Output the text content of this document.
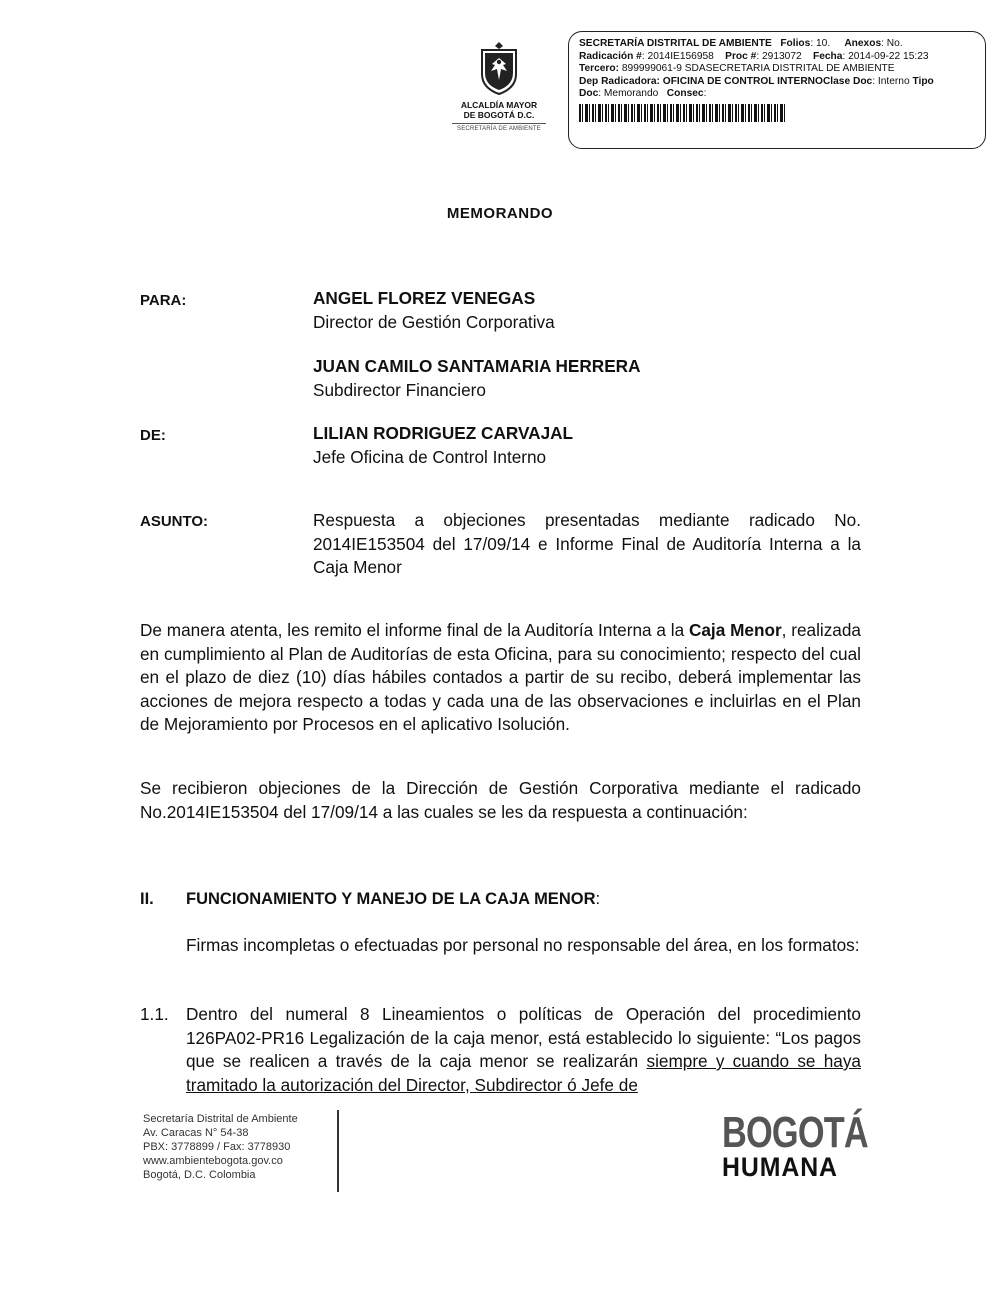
ALCALDÍA MAYOR
DE BOGOTÁ D.C.
SECRETARÍA DE AMBIENTE
SECRETARÍA DISTRITAL DE AMBIENTE Folios: 10. Anexos: No.
Radicación #: 2014IE156958 Proc #: 2913072 Fecha: 2014-09-22 15:23
Tercero: 899999061-9 SDASECRETARIA DISTRITAL DE AMBIENTE
Dep Radicadora: OFICINA DE CONTROL INTERNOClase Doc: Interno Tipo
Doc: Memorando Consec:
MEMORANDO
PARA:	ANGEL FLOREZ VENEGAS
Director de Gestión Corporativa
JUAN CAMILO SANTAMARIA HERRERA
Subdirector Financiero
DE:	LILIAN RODRIGUEZ CARVAJAL
Jefe Oficina de Control Interno
ASUNTO:	Respuesta a objeciones presentadas mediante radicado No. 2014IE153504 del 17/09/14 e Informe Final de Auditoría Interna a la Caja Menor
De manera atenta, les remito el informe final de la Auditoría Interna a la Caja Menor, realizada en cumplimiento al Plan de Auditorías de esta Oficina, para su conocimiento; respecto del cual en el plazo de diez (10) días hábiles contados a partir de su recibo, deberá implementar las acciones de mejora respecto a todas y cada una de las observaciones e incluirlas en el Plan de Mejoramiento por Procesos en el aplicativo Isolución.
Se recibieron objeciones de la Dirección de Gestión Corporativa mediante el radicado No.2014IE153504 del 17/09/14 a las cuales se les da respuesta a continuación:
II. FUNCIONAMIENTO Y MANEJO DE LA CAJA MENOR:
Firmas incompletas o efectuadas por personal no responsable del área, en los formatos:
1.1. Dentro del numeral 8 Lineamientos o políticas de Operación del procedimiento 126PA02-PR16 Legalización de la caja menor, está establecido lo siguiente: “Los pagos que se realicen a través de la caja menor se realizarán siempre y cuando se haya tramitado la autorización del Director, Subdirector ó Jefe de
Secretaría Distrital de Ambiente
Av. Caracas N° 54-38
PBX: 3778899 / Fax: 3778930
www.ambientebogota.gov.co
Bogotá, D.C. Colombia
BOGOTÁ
HUMANA
